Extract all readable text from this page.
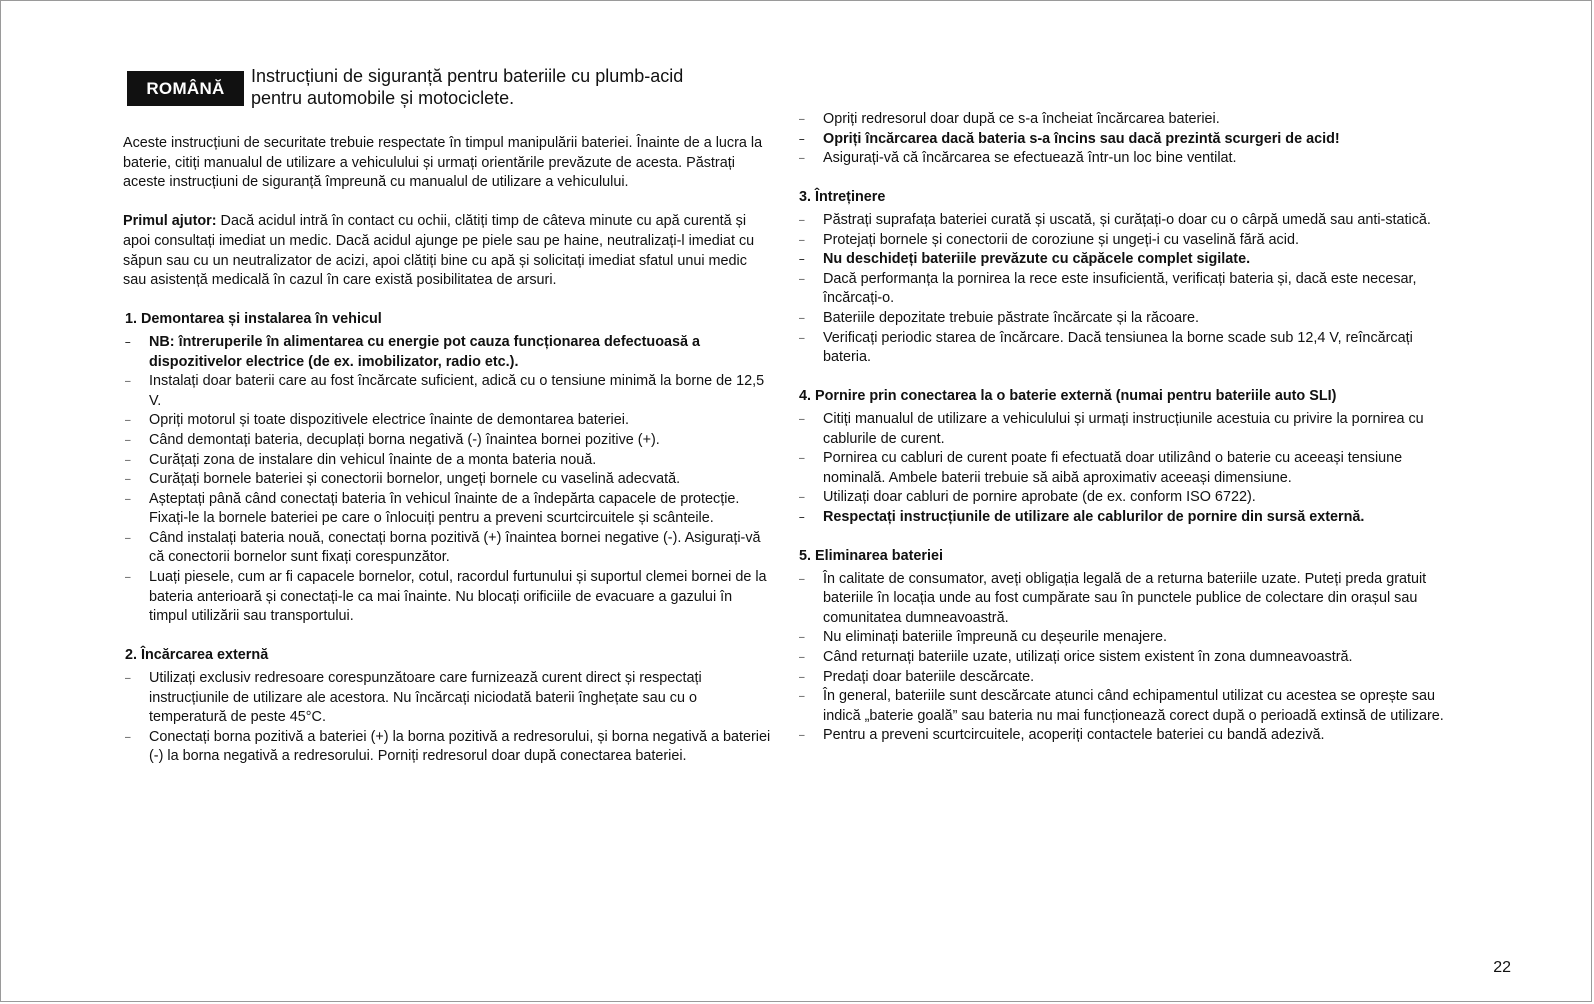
ROMÂNĂ
Instrucțiuni de siguranță pentru bateriile cu plumb-acid
pentru automobile și motociclete.

Aceste instrucțiuni de securitate trebuie respectate în timpul manipulării bateriei. Înainte de a lucra la baterie, citiți manualul de utilizare a vehiculului și urmați orientările prevăzute de acesta. Păstrați aceste instrucțiuni de siguranță împreună cu manualul de utilizare a vehiculului.

Primul ajutor: Dacă acidul intră în contact cu ochii, clătiți timp de câteva minute cu apă curentă și apoi consultați imediat un medic. Dacă acidul ajunge pe piele sau pe haine, neutralizați-l imediat cu săpun sau cu un neutralizator de acizi, apoi clătiți bine cu apă și solicitați imediat sfatul unui medic sau asistență medicală în cazul în care există posibilitatea de arsuri.

1. Demontarea și instalarea în vehicul
– NB: întreruperile în alimentarea cu energie pot cauza funcționarea defectuoasă a dispozitivelor electrice (de ex. imobilizator, radio etc.).
– Instalați doar baterii care au fost încărcate suficient, adică cu o tensiune minimă la borne de 12,5 V.
– Opriți motorul și toate dispozitivele electrice înainte de demontarea bateriei.
– Când demontați bateria, decuplați borna negativă (-) înaintea bornei pozitive (+).
– Curățați zona de instalare din vehicul înainte de a monta bateria nouă.
– Curățați bornele bateriei și conectorii bornelor, ungeți bornele cu vaselină adecvată.
– Așteptați până când conectați bateria în vehicul înainte de a îndepărta capacele de protecție. Fixați-le la bornele bateriei pe care o înlocuiți pentru a preveni scurtcircuitele și scânteile.
– Când instalați bateria nouă, conectați borna pozitivă (+) înaintea bornei negative (-). Asigurați-vă că conectorii bornelor sunt fixați corespunzător.
– Luați piesele, cum ar fi capacele bornelor, cotul, racordul furtunului și suportul clemei bornei de la bateria anterioară și conectați-le ca mai înainte. Nu blocați orificiile de evacuare a gazului în timpul utilizării sau transportului.
2. Încărcarea externă
– Utilizați exclusiv redresoare corespunzătoare care furnizează curent direct și respectați instrucțiunile de utilizare ale acestora. Nu încărcați niciodată baterii înghețate sau cu o temperatură de peste 45°C.
– Conectați borna pozitivă a bateriei (+) la borna pozitivă a redresorului, și borna negativă a bateriei (-) la borna negativă a redresorului. Porniți redresorul doar după conectarea bateriei.
– Opriți redresorul doar după ce s-a încheiat încărcarea bateriei.
– Opriți încărcarea dacă bateria s-a încins sau dacă prezintă scurgeri de acid!
– Asigurați-vă că încărcarea se efectuează într-un loc bine ventilat.
3. Întreținere
– Păstrați suprafața bateriei curată și uscată, și curățați-o doar cu o cârpă umedă sau anti-statică.
– Protejați bornele și conectorii de coroziune și ungeți-i cu vaselină fără acid.
– Nu deschideți bateriile prevăzute cu căpăcele complet sigilate.
– Dacă performanța la pornirea la rece este insuficientă, verificați bateria și, dacă este necesar, încărcați-o.
– Bateriile depozitate trebuie păstrate încărcate și la răcoare.
– Verificați periodic starea de încărcare. Dacă tensiunea la borne scade sub 12,4 V, reîncărcați bateria.
4. Pornire prin conectarea la o baterie externă (numai pentru bateriile auto SLI)
– Citiți manualul de utilizare a vehiculului și urmați instrucțiunile acestuia cu privire la pornirea cu cablurile de curent.
– Pornirea cu cabluri de curent poate fi efectuată doar utilizând o baterie cu aceeași tensiune nominală. Ambele baterii trebuie să aibă aproximativ aceeași dimensiune.
– Utilizați doar cabluri de pornire aprobate (de ex. conform ISO 6722).
– Respectați instrucțiunile de utilizare ale cablurilor de pornire din sursă externă.
5. Eliminarea bateriei
– În calitate de consumator, aveți obligația legală de a returna bateriile uzate. Puteți preda gratuit bateriile în locația unde au fost cumpărate sau în punctele publice de colectare din orașul sau comunitatea dumneavoastră.
– Nu eliminați bateriile împreună cu deșeurile menajere.
– Când returnați bateriile uzate, utilizați orice sistem existent în zona dumneavoastră.
– Predați doar bateriile descărcate.
– În general, bateriile sunt descărcate atunci când echipamentul utilizat cu acestea se oprește sau indică „baterie goală” sau bateria nu mai funcționează corect după o perioadă extinsă de utilizare.
– Pentru a preveni scurtcircuitele, acoperiți contactele bateriei cu bandă adezivă.
22
